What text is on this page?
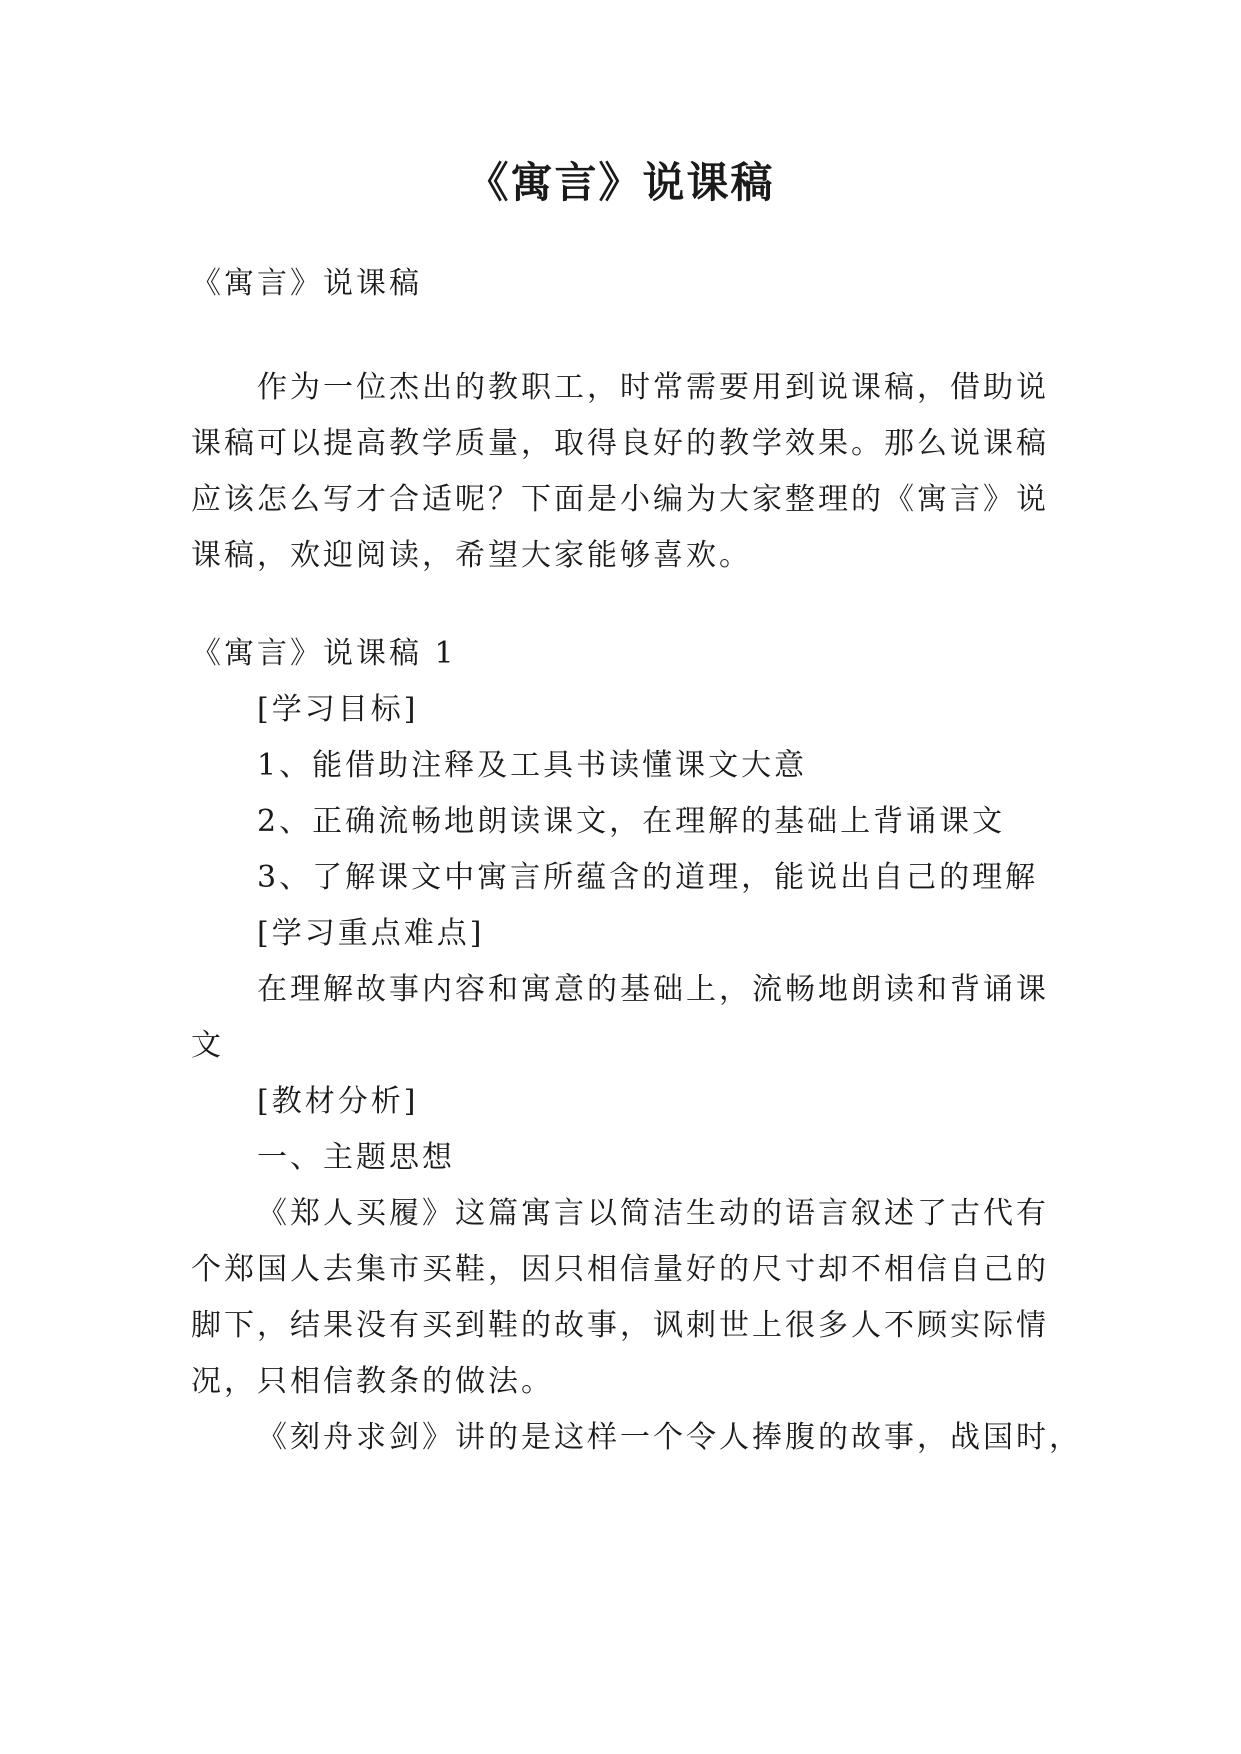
《寓言》说课稿
《寓言》说课稿
作为一位杰出的教职工，时常需要用到说课稿，借助说
课稿可以提高教学质量，取得良好的教学效果。那么说课稿
应该怎么写才合适呢？下面是小编为大家整理的《寓言》说
课稿，欢迎阅读，希望大家能够喜欢。
《寓言》说课稿 1
[学习目标]
1、能借助注释及工具书读懂课文大意
2、正确流畅地朗读课文，在理解的基础上背诵课文
3、了解课文中寓言所蕴含的道理，能说出自己的理解
[学习重点难点]
在理解故事内容和寓意的基础上，流畅地朗读和背诵课
文
[教材分析]
一、主题思想
《郑人买履》这篇寓言以简洁生动的语言叙述了古代有
个郑国人去集市买鞋，因只相信量好的尺寸却不相信自己的
脚下，结果没有买到鞋的故事，讽刺世上很多人不顾实际情
况，只相信教条的做法。
《刻舟求剑》讲的是这样一个令人捧腹的故事，战国时，
